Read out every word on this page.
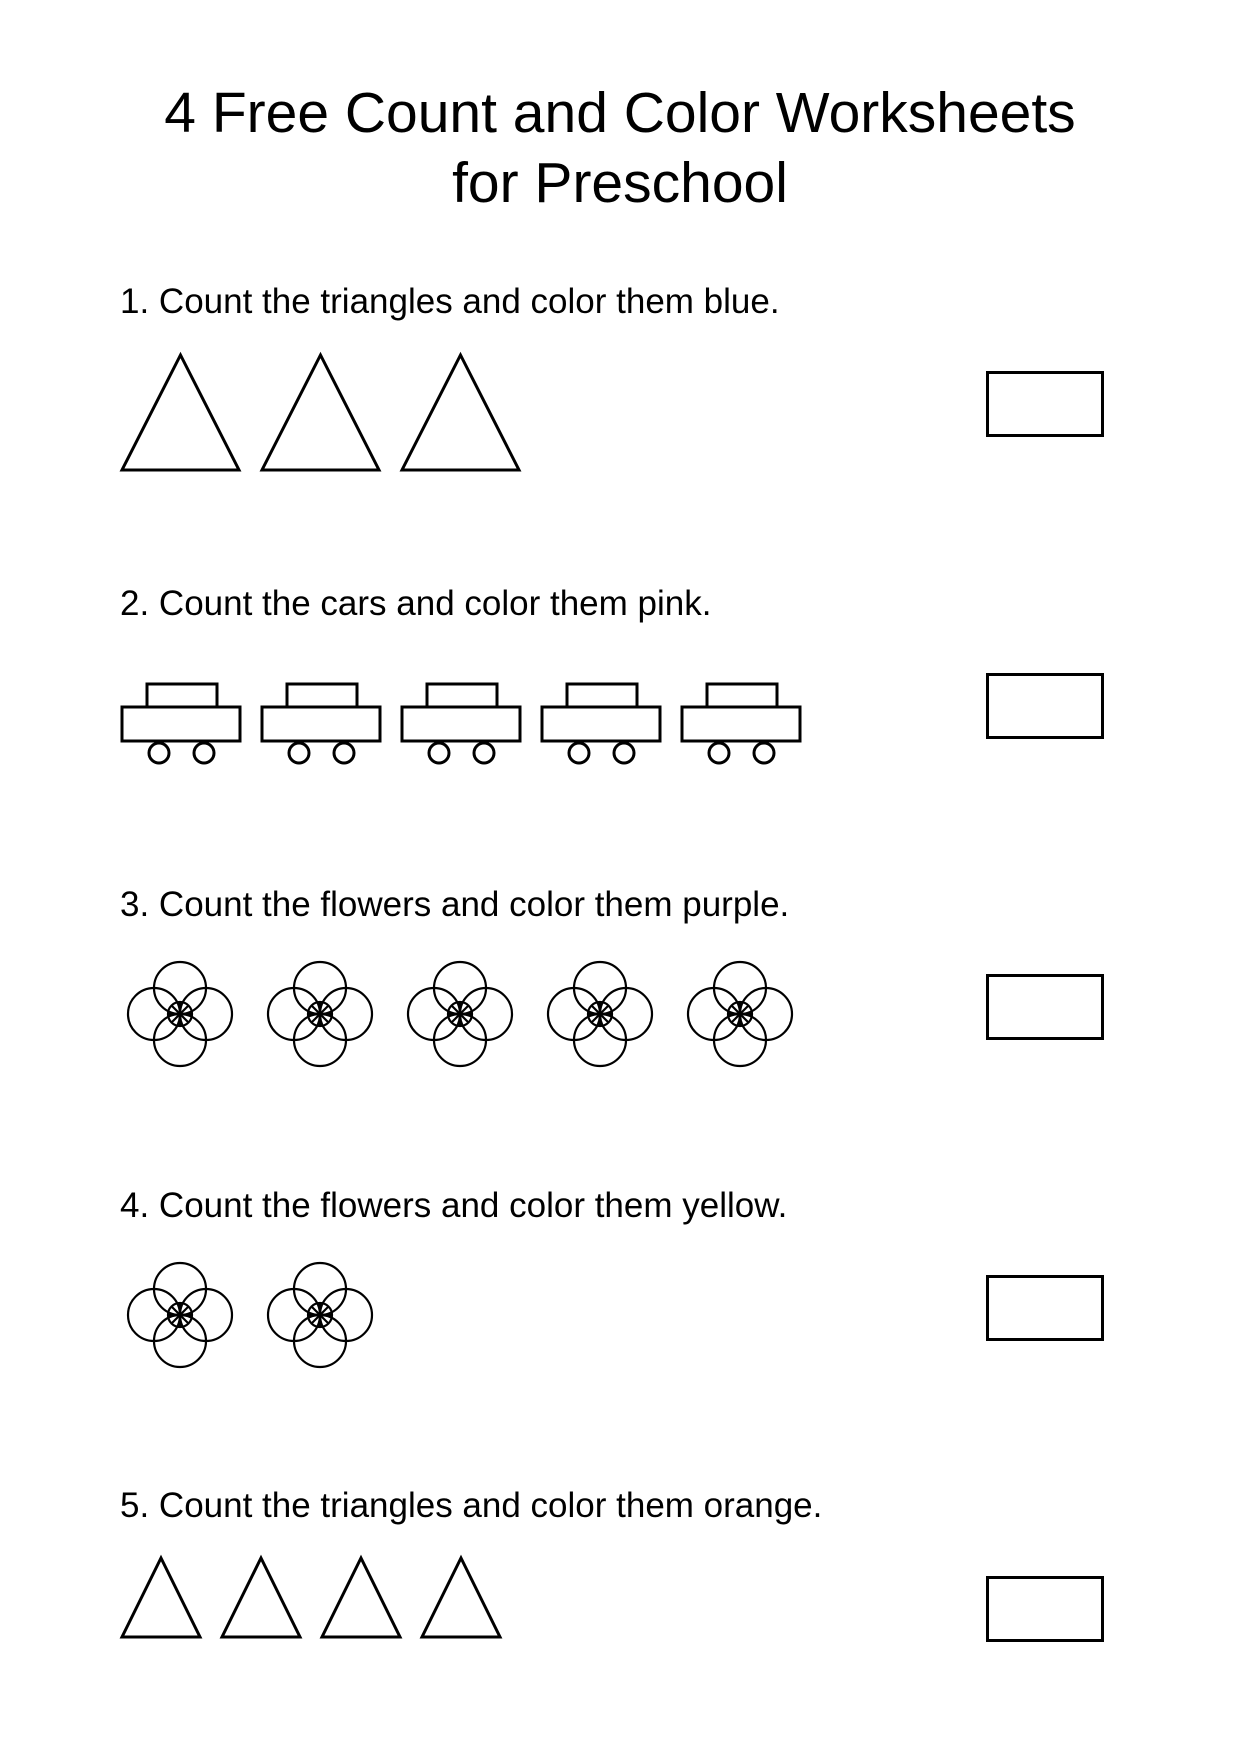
4 Free Count and Color Worksheets
for Preschool
1. Count the triangles and color them blue.
2. Count the cars and color them pink.
3. Count the flowers and color them purple.
4. Count the flowers and color them yellow.
5. Count the triangles and color them orange.
